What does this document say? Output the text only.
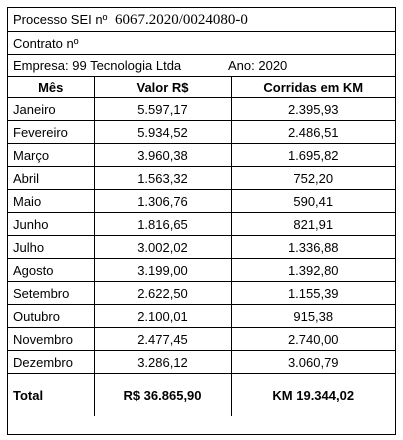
Processo SEI nº 6067.2020/0024080-0
Contrato nº
Empresa: 99 Tecnologia Ltda	Ano: 2020
Mês	Valor R$	Corridas em KM
Janeiro	5.597,17	2.395,93
Fevereiro	5.934,52	2.486,51
Março	3.960,38	1.695,82
Abril	1.563,32	752,20
Maio	1.306,76	590,41
Junho	1.816,65	821,91
Julho	3.002,02	1.336,88
Agosto	3.199,00	1.392,80
Setembro	2.622,50	1.155,39
Outubro	2.100,01	915,38
Novembro	2.477,45	2.740,00
Dezembro	3.286,12	3.060,79
Total	R$ 36.865,90	KM 19.344,02
